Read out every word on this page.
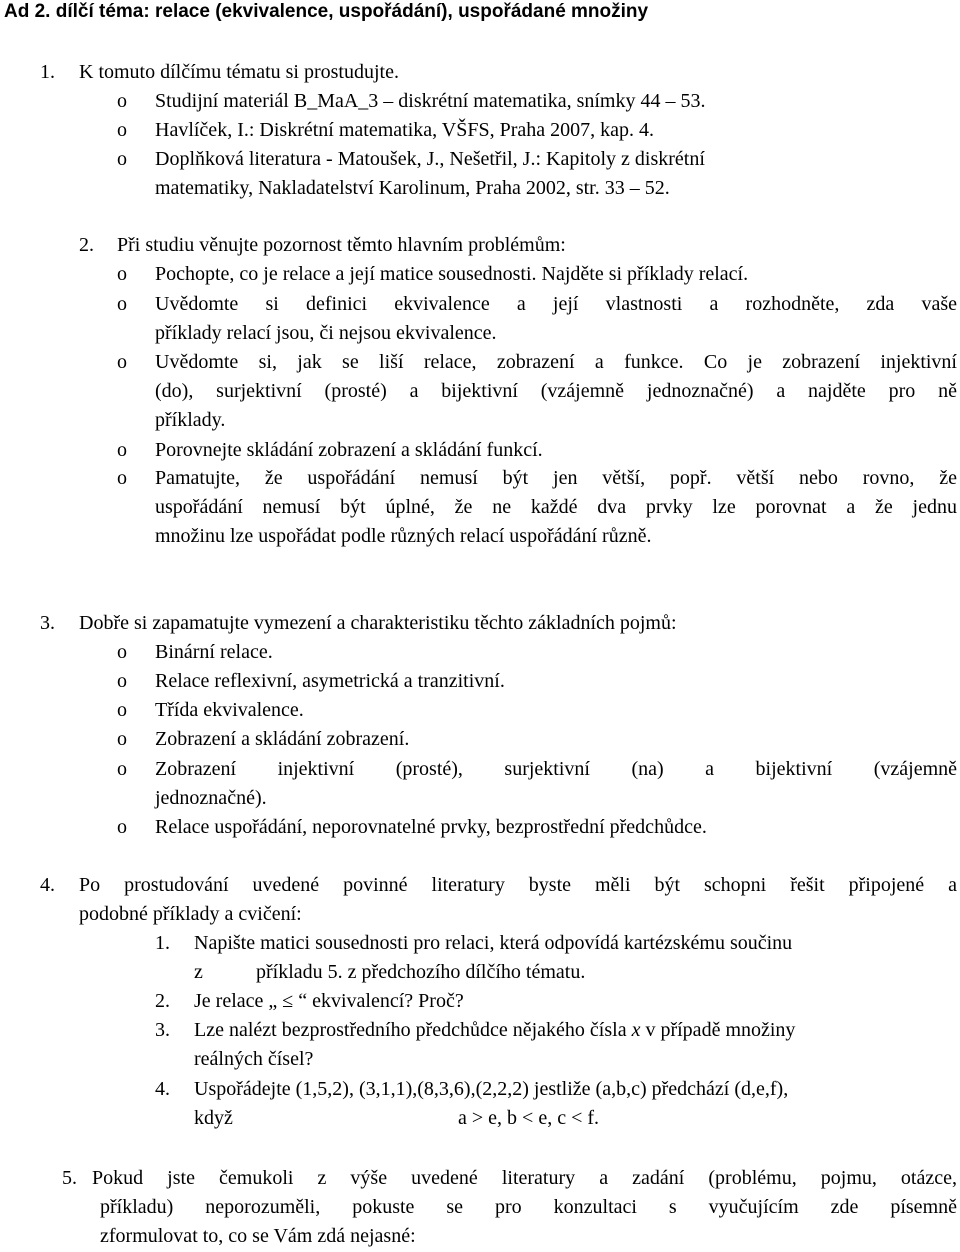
Ad 2. dílčí téma: relace (ekvivalence, uspořádání), uspořádané množiny
1. K tomuto dílčímu tématu si prostudujte.
o Studijní materiál B_MaA_3 – diskrétní matematika, snímky 44 – 53.
o Havlíček, I.: Diskrétní matematika, VŠFS, Praha 2007, kap. 4.
o Doplňková literatura - Matoušek, J., Nešetřil, J.: Kapitoly z diskrétní
matematiky, Nakladatelství Karolinum, Praha 2002, str. 33 – 52.
2. Při studiu věnujte pozornost těmto hlavním problémům:
o Pochopte, co je relace a její matice sousednosti. Najděte si příklady relací.
o Uvědomte si definici ekvivalence a její vlastnosti a rozhodněte, zda vaše
příklady relací jsou, či nejsou ekvivalence.
o Uvědomte si, jak se liší relace, zobrazení a funkce. Co je zobrazení injektivní
(do), surjektivní (prosté) a bijektivní (vzájemně jednoznačné) a najděte pro ně
příklady.
o Porovnejte skládání zobrazení a skládání funkcí.
o Pamatujte, že uspořádání nemusí být jen větší, popř. větší nebo rovno, že
uspořádání nemusí být úplné, že ne každé dva prvky lze porovnat a že jednu
množinu lze uspořádat podle různých relací uspořádání různě.
3. Dobře si zapamatujte vymezení a charakteristiku těchto základních pojmů:
o Binární relace.
o Relace reflexivní, asymetrická a tranzitivní.
o Třída ekvivalence.
o Zobrazení a skládání zobrazení.
o Zobrazení injektivní (prosté), surjektivní (na) a bijektivní (vzájemně
jednoznačné).
o Relace uspořádání, neporovnatelné prvky, bezprostřední předchůdce.
4. Po prostudování uvedené povinné literatury byste měli být schopni řešit připojené a
podobné příklady a cvičení:
1. Napište matici sousednosti pro relaci, která odpovídá kartézskému součinu
z	příkladu 5. z předchozího dílčího tématu.
2. Je relace „ ≤ “ ekvivalencí? Proč?
3. Lze nalézt bezprostředního předchůdce nějakého čísla x v případě množiny
reálných čísel?
4. Uspořádejte (1,5,2), (3,1,1),(8,3,6),(2,2,2) jestliže (a,b,c) předchází (d,e,f),
když	a > e, b < e, c < f.
5. Pokud jste čemukoli z výše uvedené literatury a zadání (problému, pojmu, otázce,
příkladu) neporozuměli, pokuste se pro konzultaci s vyučujícím zde písemně
zformulovat to, co se Vám zdá nejasné:
